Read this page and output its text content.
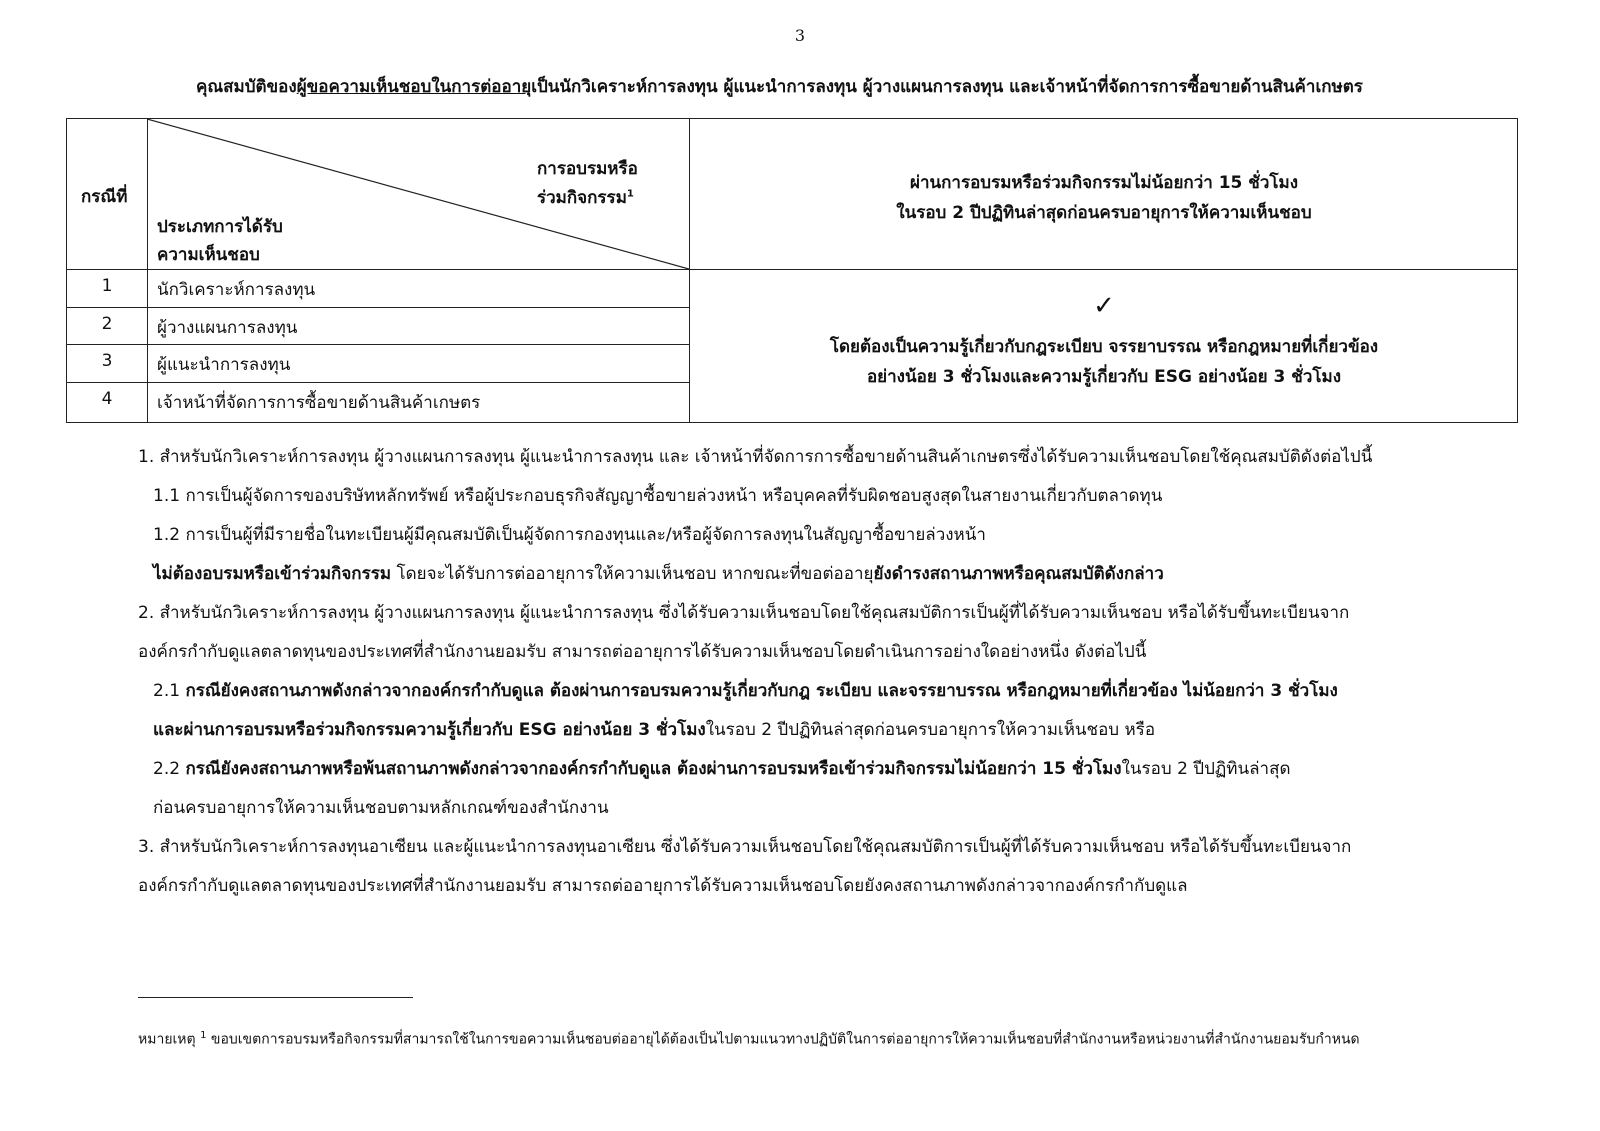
3
คุณสมบัติของผู้ขอความเห็นชอบในการต่ออายุเป็นนักวิเคราะห์การลงทุน ผู้แนะนำการลงทุน ผู้วางแผนการลงทุน และเจ้าหน้าที่จัดการการซื้อขายด้านสินค้าเกษตร
กรณีที่
การอบรมหรือ
ร่วมกิจกรรม$^1$
ประเภทการได้รับ
ความเห็นชอบ
ผ่านการอบรมหรือร่วมกิจกรรมไม่น้อยกว่า 15 ชั่วโมง
ในรอบ 2 ปีปฏิทินล่าสุดก่อนครบอายุการให้ความเห็นชอบ
1	นักวิเคราะห์การลงทุน
2	ผู้วางแผนการลงทุน
3	ผู้แนะนำการลงทุน
4	เจ้าหน้าที่จัดการการซื้อขายด้านสินค้าเกษตร
✓
โดยต้องเป็นความรู้เกี่ยวกับกฎระเบียบ จรรยาบรรณ หรือกฎหมายที่เกี่ยวข้อง
อย่างน้อย 3 ชั่วโมงและความรู้เกี่ยวกับ ESG อย่างน้อย 3 ชั่วโมง
1. สำหรับนักวิเคราะห์การลงทุน ผู้วางแผนการลงทุน ผู้แนะนำการลงทุน และ เจ้าหน้าที่จัดการการซื้อขายด้านสินค้าเกษตรซึ่งได้รับความเห็นชอบโดยใช้คุณสมบัติดังต่อไปนี้
1.1 การเป็นผู้จัดการของบริษัทหลักทรัพย์ หรือผู้ประกอบธุรกิจสัญญาซื้อขายล่วงหน้า หรือบุคคลที่รับผิดชอบสูงสุดในสายงานเกี่ยวกับตลาดทุน
1.2 การเป็นผู้ที่มีรายชื่อในทะเบียนผู้มีคุณสมบัติเป็นผู้จัดการกองทุนและ/หรือผู้จัดการลงทุนในสัญญาซื้อขายล่วงหน้า
ไม่ต้องอบรมหรือเข้าร่วมกิจกรรม โดยจะได้รับการต่ออายุการให้ความเห็นชอบ หากขณะที่ขอต่ออายุยังดำรงสถานภาพหรือคุณสมบัติดังกล่าว
2. สำหรับนักวิเคราะห์การลงทุน ผู้วางแผนการลงทุน ผู้แนะนำการลงทุน ซึ่งได้รับความเห็นชอบโดยใช้คุณสมบัติการเป็นผู้ที่ได้รับความเห็นชอบ หรือได้รับขึ้นทะเบียนจาก
องค์กรกำกับดูแลตลาดทุนของประเทศที่สำนักงานยอมรับ สามารถต่ออายุการได้รับความเห็นชอบโดยดำเนินการอย่างใดอย่างหนึ่ง ดังต่อไปนี้
2.1 กรณียังคงสถานภาพดังกล่าวจากองค์กรกำกับดูแล ต้องผ่านการอบรมความรู้เกี่ยวกับกฎ ระเบียบ และจรรยาบรรณ หรือกฎหมายที่เกี่ยวข้อง ไม่น้อยกว่า 3 ชั่วโมง
และผ่านการอบรมหรือร่วมกิจกรรมความรู้เกี่ยวกับ ESG อย่างน้อย 3 ชั่วโมงในรอบ 2 ปีปฏิทินล่าสุดก่อนครบอายุการให้ความเห็นชอบ หรือ
2.2 กรณียังคงสถานภาพหรือพ้นสถานภาพดังกล่าวจากองค์กรกำกับดูแล ต้องผ่านการอบรมหรือเข้าร่วมกิจกรรมไม่น้อยกว่า 15 ชั่วโมงในรอบ 2 ปีปฏิทินล่าสุด
ก่อนครบอายุการให้ความเห็นชอบตามหลักเกณฑ์ของสำนักงาน
3. สำหรับนักวิเคราะห์การลงทุนอาเซียน และผู้แนะนำการลงทุนอาเซียน ซึ่งได้รับความเห็นชอบโดยใช้คุณสมบัติการเป็นผู้ที่ได้รับความเห็นชอบ หรือได้รับขึ้นทะเบียนจาก
องค์กรกำกับดูแลตลาดทุนของประเทศที่สำนักงานยอมรับ สามารถต่ออายุการได้รับความเห็นชอบโดยยังคงสถานภาพดังกล่าวจากองค์กรกำกับดูแล
หมายเหตุ $^1$ ขอบเขตการอบรมหรือกิจกรรมที่สามารถใช้ในการขอความเห็นชอบต่ออายุได้ต้องเป็นไปตามแนวทางปฏิบัติในการต่ออายุการให้ความเห็นชอบที่สำนักงานหรือหน่วยงานที่สำนักงานยอมรับกำหนด
